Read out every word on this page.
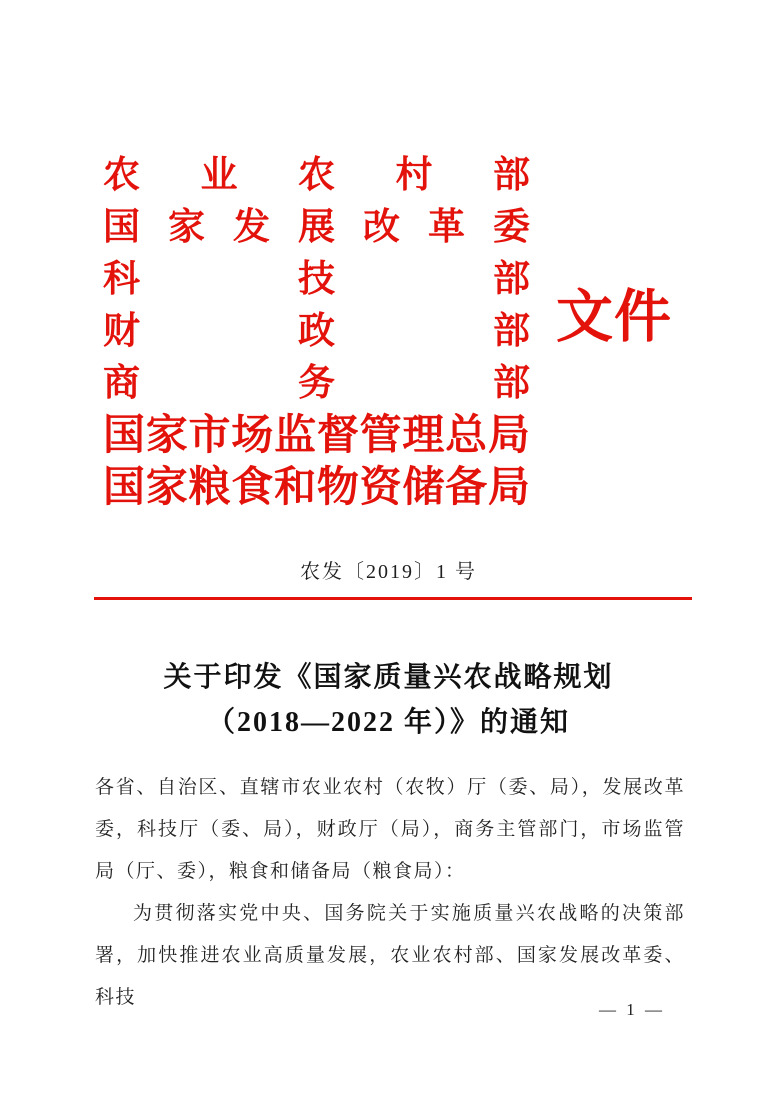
农 业 农 村 部
国 家 发 展 改 革 委
科	技	部
财	政	部
商	务	部
国 家 市 场 监 督 管 理 总 局
国 家 粮 食 和 物 资 储 备 局
文件
农发〔2019〕1 号
关于印发《国家质量兴农战略规划
（2018—2022 年）》的通知

各省、自治区、直辖市农业农村（农牧）厅（委、局），发展改革委，科技厅（委、局），财政厅（局），商务主管部门，市场监管局（厅、委），粮食和储备局（粮食局）：

为贯彻落实党中央、国务院关于实施质量兴农战略的决策部署，加快推进农业高质量发展，农业农村部、国家发展改革委、科技

— 1 —
